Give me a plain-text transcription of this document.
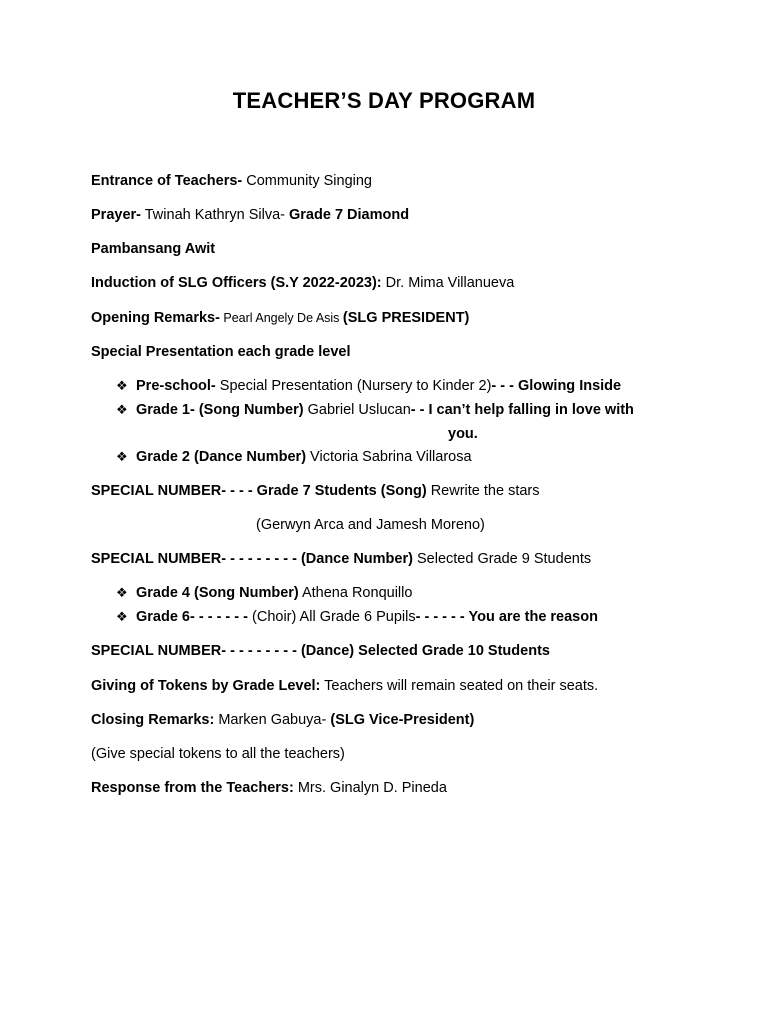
TEACHER’S DAY PROGRAM
Entrance of Teachers- Community Singing
Prayer- Twinah Kathryn Silva- Grade 7 Diamond
Pambansang Awit
Induction of SLG Officers (S.Y 2022-2023): Dr. Mima Villanueva
Opening Remarks- Pearl Angely De Asis (SLG PRESIDENT)
Special Presentation each grade level
❖ Pre-school- Special Presentation (Nursery to Kinder 2)- - - Glowing Inside
❖ Grade 1- (Song Number) Gabriel Uslucan- - I can’t help falling in love with
you.
❖ Grade 2 (Dance Number) Victoria Sabrina Villarosa
SPECIAL NUMBER- - - - Grade 7 Students (Song) Rewrite the stars
(Gerwyn Arca and Jamesh Moreno)
SPECIAL NUMBER- - - - - - - - - (Dance Number) Selected Grade 9 Students
❖ Grade 4 (Song Number) Athena Ronquillo
❖ Grade 6- - - - - - - (Choir) All Grade 6 Pupils- - - - - - You are the reason
SPECIAL NUMBER- - - - - - - - - (Dance) Selected Grade 10 Students
Giving of Tokens by Grade Level: Teachers will remain seated on their seats.
Closing Remarks: Marken Gabuya- (SLG Vice-President)
(Give special tokens to all the teachers)
Response from the Teachers: Mrs. Ginalyn D. Pineda
